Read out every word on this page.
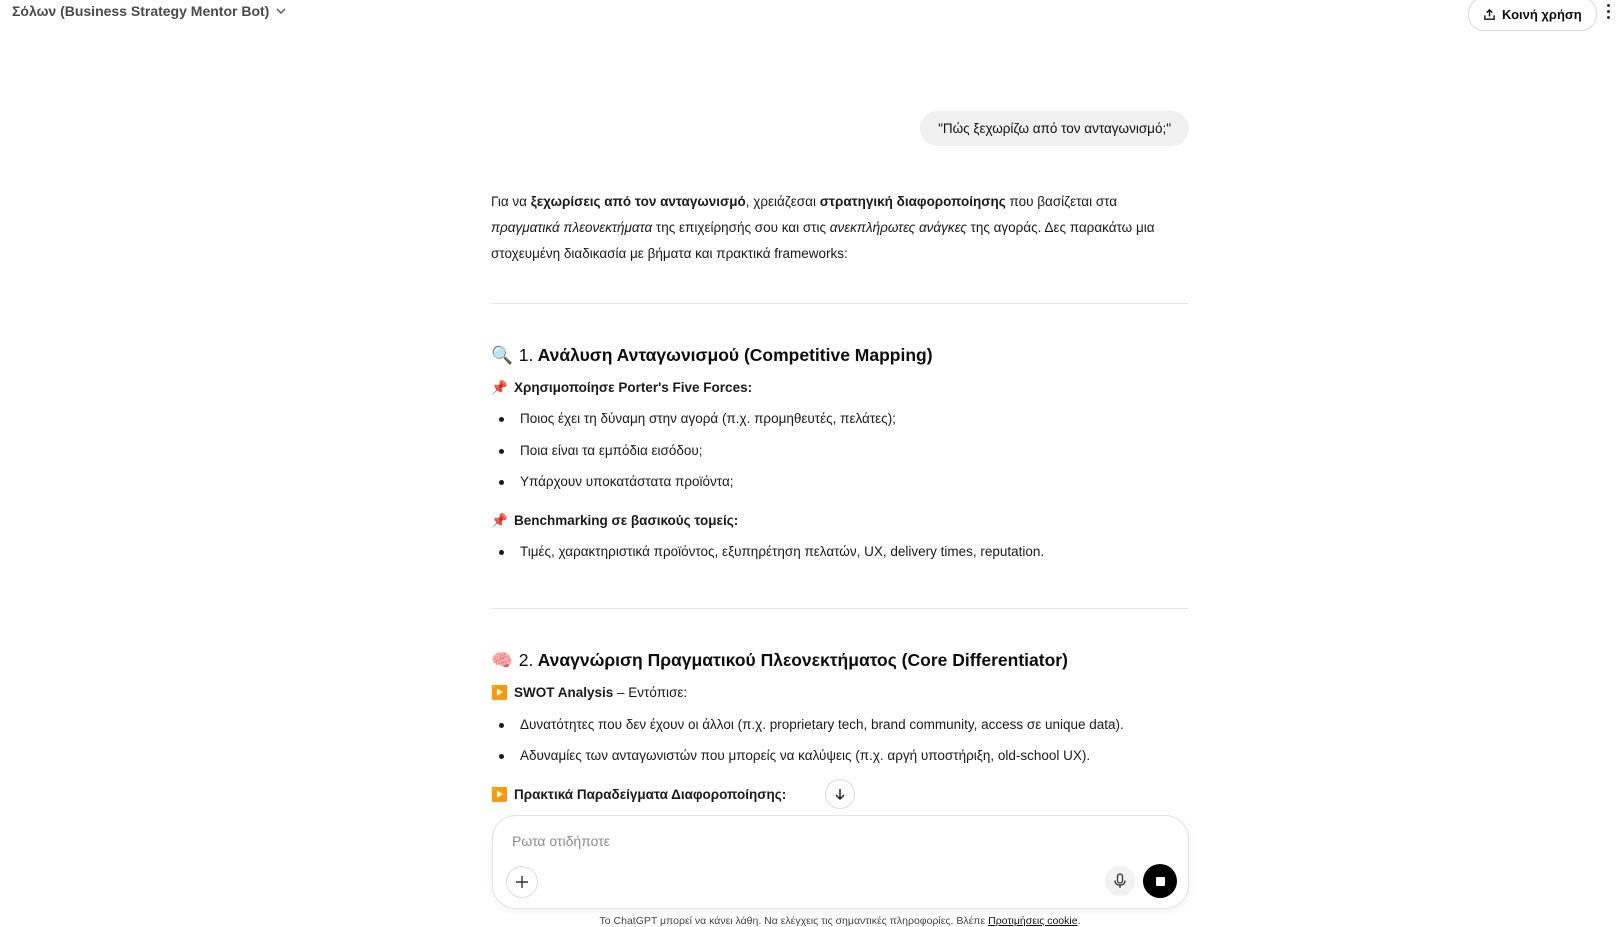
Σόλων (Business Strategy Mentor Bot)	Κοινή χρήση
"Πώς ξεχωρίζω από τον ανταγωνισμό;"

Για να ξεχωρίσεις από τον ανταγωνισμό, χρειάζεσαι στρατηγική διαφοροποίησης που βασίζεται στα πραγματικά πλεονεκτήματα της επιχείρησής σου και στις ανεκπλήρωτες ανάγκες της αγοράς. Δες παρακάτω μια στοχευμένη διαδικασία με βήματα και πρακτικά frameworks:

🔍 1. Ανάλυση Ανταγωνισμού (Competitive Mapping)
📌 Χρησιμοποίησε Porter's Five Forces:
Ποιος έχει τη δύναμη στην αγορά (π.χ. προμηθευτές, πελάτες);
Ποια είναι τα εμπόδια εισόδου;
Υπάρχουν υποκατάστατα προϊόντα;
📌 Benchmarking σε βασικούς τομείς:
Τιμές, χαρακτηριστικά προϊόντος, εξυπηρέτηση πελατών, UX, delivery times, reputation.
🧠 2. Αναγνώριση Πραγματικού Πλεονεκτήματος (Core Differentiator)
▶️ SWOT Analysis – Εντόπισε:
Δυνατότητες που δεν έχουν οι άλλοι (π.χ. proprietary tech, brand community, access σε unique data).
Αδυναμίες των ανταγωνιστών που μπορείς να καλύψεις (π.χ. αργή υποστήριξη, old-school UX).
▶️ Πρακτικά Παραδείγματα Διαφοροποίησης:
Ρωτα οτιδήποτε
Το ChatGPT μπορεί να κάνει λάθη. Να ελέγχεις τις σημαντικές πληροφορίες. Βλέπε Προτιμήσεις cookie.
